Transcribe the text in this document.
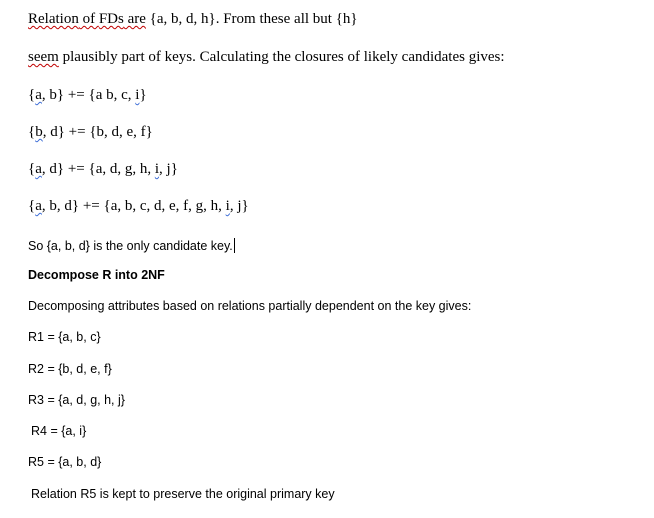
Relation of FDs are {a, b, d, h}. From these all but {h}
seem plausibly part of keys. Calculating the closures of likely candidates gives:
{a, b} += {a b, c, i}
{b, d} += {b, d, e, f}
{a, d} += {a, d, g, h, i, j}
{a, b, d} += {a, b, c, d, e, f, g, h, i, j}
So {a, b, d} is the only candidate key.
Decompose R into 2NF
Decomposing attributes based on relations partially dependent on the key gives:
R1 = {a, b, c}
R2 = {b, d, e, f}
R3 = {a, d, g, h, j}
R4 = {a, i}
R5 = {a, b, d}
Relation R5 is kept to preserve the original primary key
